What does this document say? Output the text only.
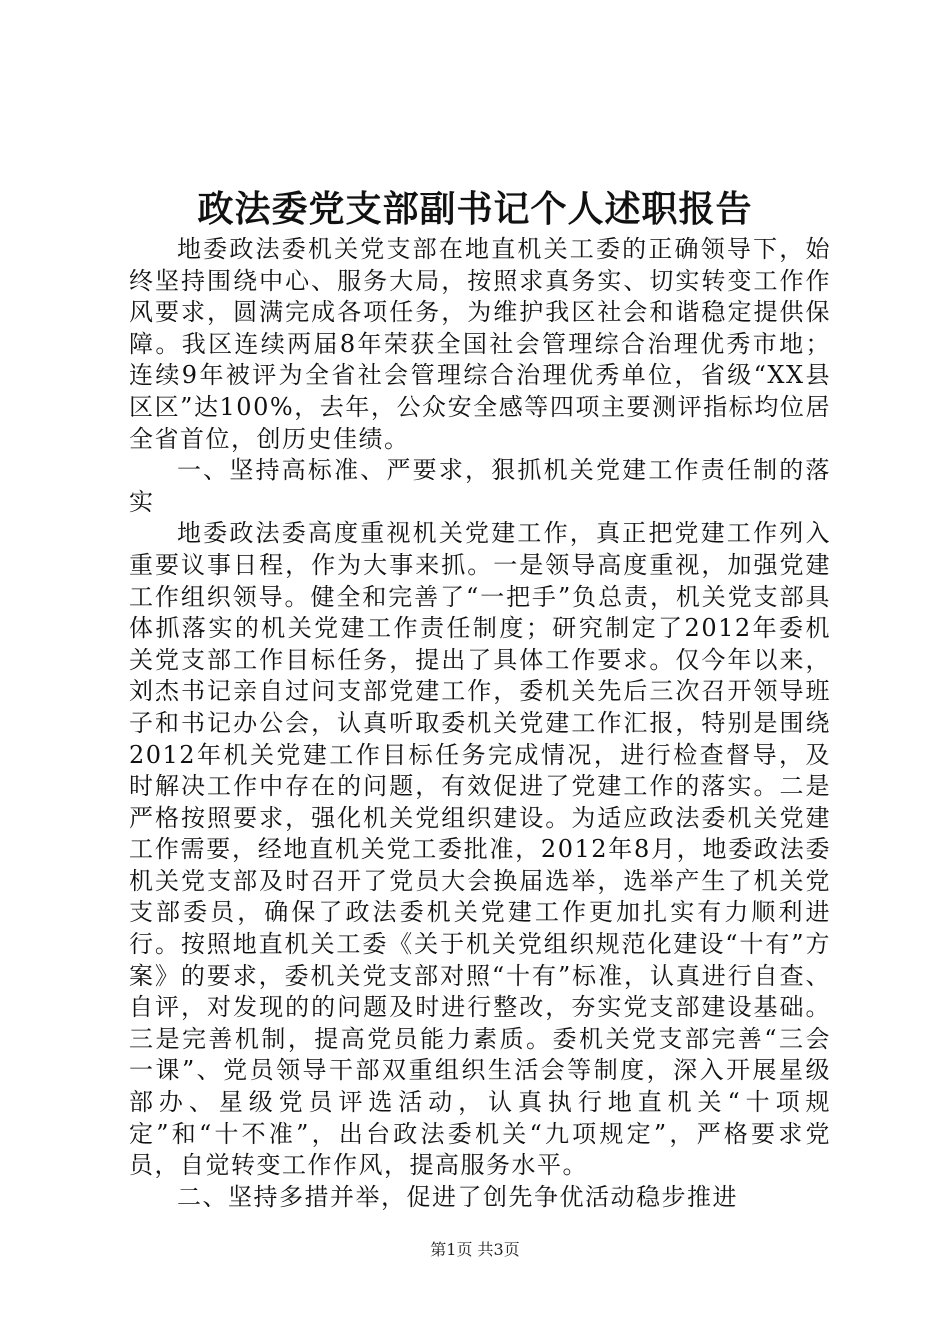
政法委党支部副书记个人述职报告

地委政法委机关党支部在地直机关工委的正确领导下，始终坚持围绕中心、服务大局，按照求真务实、切实转变工作作风要求，圆满完成各项任务，为维护我区社会和谐稳定提供保障。我区连续两届8年荣获全国社会管理综合治理优秀市地；连续9年被评为全省社会管理综合治理优秀单位，省级“XX县区区”达100%，去年，公众安全感等四项主要测评指标均位居全省首位，创历史佳绩。

一、坚持高标准、严要求，狠抓机关党建工作责任制的落实

地委政法委高度重视机关党建工作，真正把党建工作列入重要议事日程，作为大事来抓。一是领导高度重视，加强党建工作组织领导。健全和完善了“一把手”负总责，机关党支部具体抓落实的机关党建工作责任制度；研究制定了2012年委机关党支部工作目标任务，提出了具体工作要求。仅今年以来，刘杰书记亲自过问支部党建工作，委机关先后三次召开领导班子和书记办公会，认真听取委机关党建工作汇报，特别是围绕2012年机关党建工作目标任务完成情况，进行检查督导，及时解决工作中存在的问题，有效促进了党建工作的落实。二是严格按照要求，强化机关党组织建设。为适应政法委机关党建工作需要，经地直机关党工委批准，2012年8月，地委政法委机关党支部及时召开了党员大会换届选举，选举产生了机关党支部委员，确保了政法委机关党建工作更加扎实有力顺利进行。按照地直机关工委《关于机关党组织规范化建设“十有”方案》的要求，委机关党支部对照“十有”标准，认真进行自查、自评，对发现的的问题及时进行整改，夯实党支部建设基础。三是完善机制，提高党员能力素质。委机关党支部完善“三会一课”、党员领导干部双重组织生活会等制度，深入开展星级部办、星级党员评选活动，认真执行地直机关“十项规定”和“十不准”，出台政法委机关“九项规定”，严格要求党员，自觉转变工作作风，提高服务水平。

二、坚持多措并举，促进了创先争优活动稳步推进

第1页 共3页
